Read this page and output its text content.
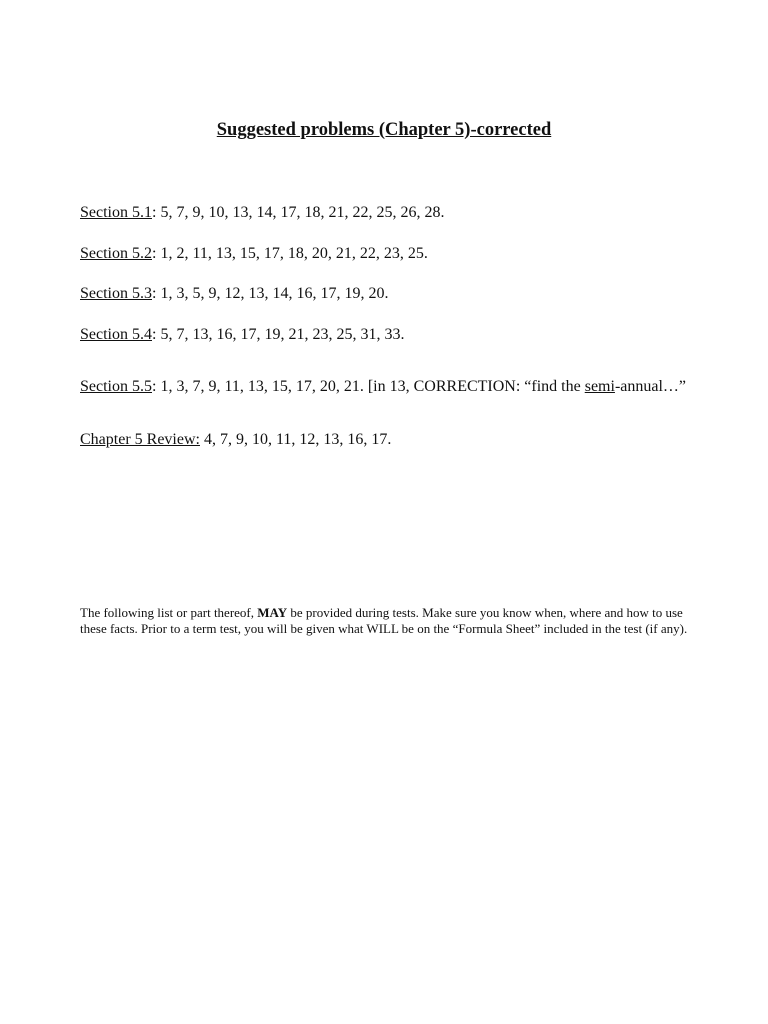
Suggested problems (Chapter 5)-corrected
Section 5.1: 5, 7, 9, 10, 13, 14, 17, 18, 21, 22, 25, 26, 28.
Section 5.2: 1, 2, 11, 13, 15, 17, 18, 20, 21, 22, 23, 25.
Section 5.3: 1, 3, 5, 9, 12, 13, 14, 16, 17, 19, 20.
Section 5.4: 5, 7, 13, 16, 17, 19, 21, 23, 25, 31, 33.
Section 5.5: 1, 3, 7, 9, 11, 13, 15, 17, 20, 21. [in 13, CORRECTION: “find the semi-annual…”
Chapter 5 Review: 4, 7, 9, 10, 11, 12, 13, 16, 17.

The following list or part thereof, MAY be provided during tests. Make sure you know when, where and how to use these facts. Prior to a term test, you will be given what WILL be on the “Formula Sheet” included in the test (if any).
